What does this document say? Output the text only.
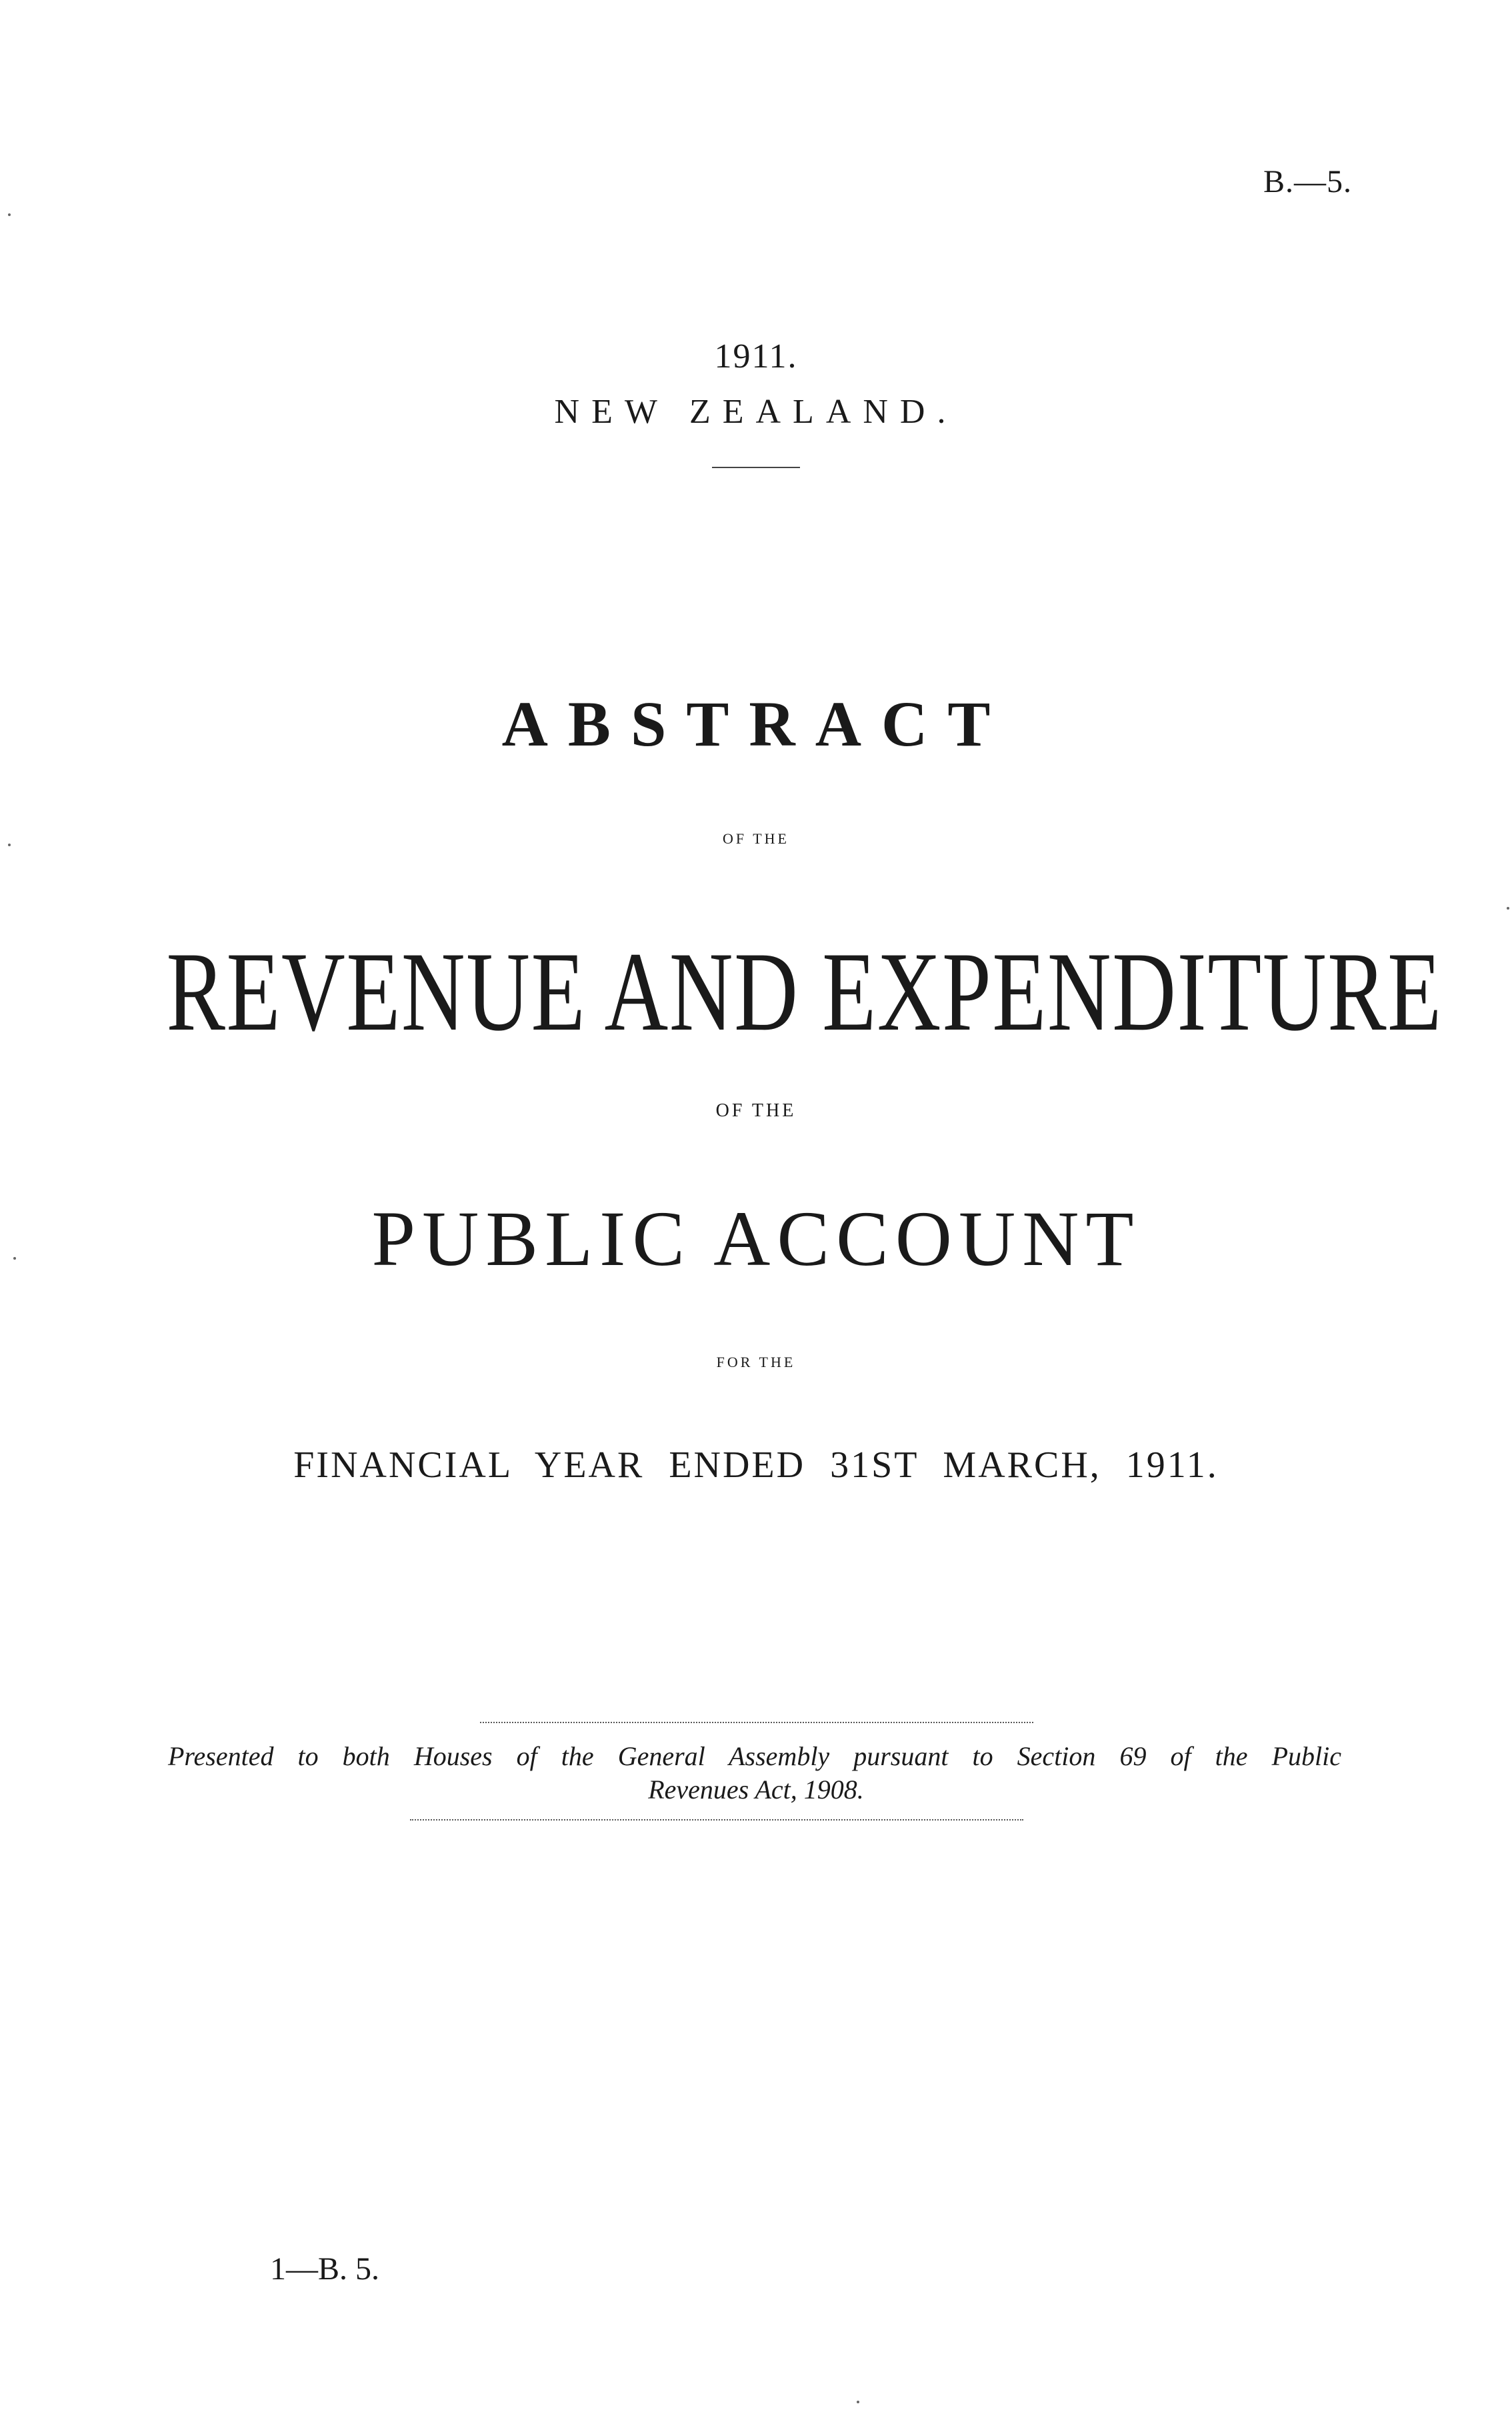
B.—5.
1911.
NEW ZEALAND.
ABSTRACT
OF THE
REVENUE AND EXPENDITURE
OF THE
PUBLIC ACCOUNT
FOR THE
FINANCIAL YEAR ENDED 31ST MARCH, 1911.
Presented to both Houses of the General Assembly pursuant to Section 69 of the Public
Revenues Act, 1908.
1—B. 5.
